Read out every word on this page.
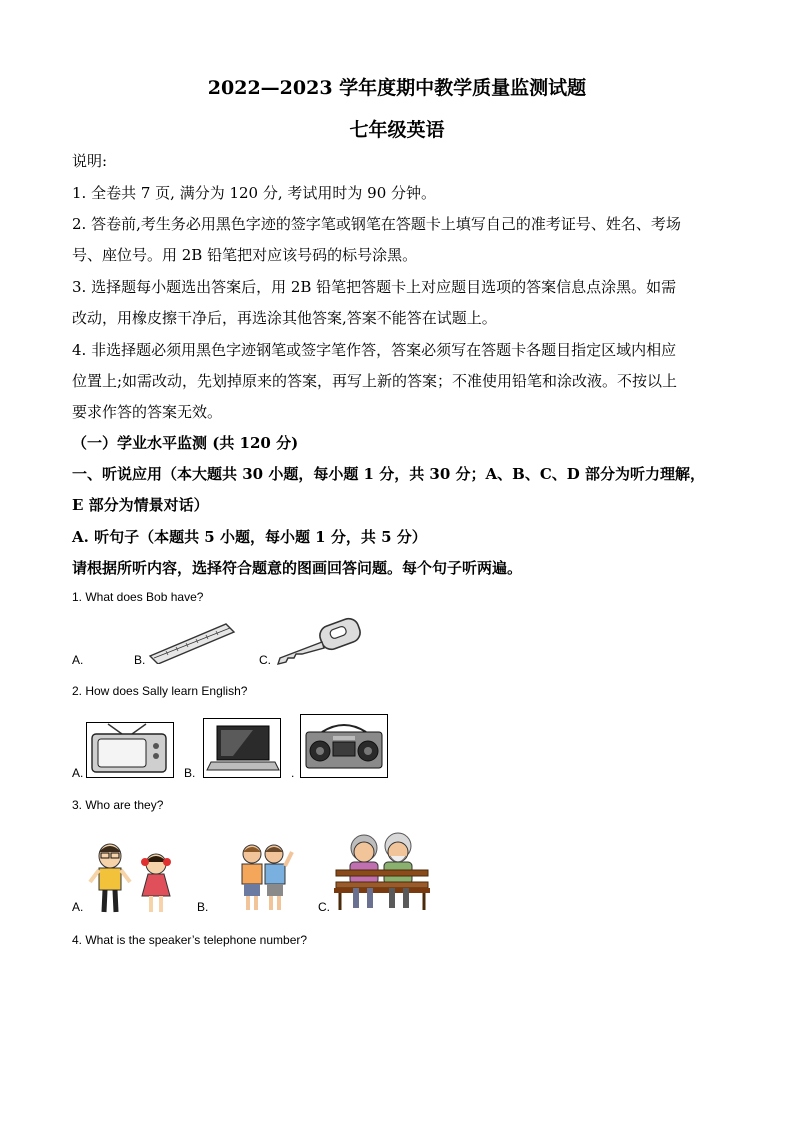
2022—2023 学年度期中教学质量监测试题
七年级英语
说明:
1. 全卷共 7 页, 满分为 120 分, 考试用时为 90 分钟。
2. 答卷前,考生务必用黑色字迹的签字笔或钢笔在答题卡上填写自己的准考证号、姓名、考场
号、座位号。用 2B 铅笔把对应该号码的标号涂黑。
3. 选择题每小题选出答案后，用 2B 铅笔把答题卡上对应题目选项的答案信息点涂黑。如需
改动，用橡皮擦干净后，再选涂其他答案,答案不能答在试题上。
4. 非选择题必须用黑色字迹钢笔或签字笔作答，答案必须写在答题卡各题目指定区域内相应
位置上;如需改动，先划掉原来的答案，再写上新的答案；不准使用铅笔和涂改液。不按以上
要求作答的答案无效。
（一）学业水平监测 (共 120 分)
一、听说应用（本大题共 30 小题，每小题 1 分，共 30 分；A、B、C、D 部分为听力理解，
E 部分为情景对话）
A. 听句子（本题共 5 小题，每小题 1 分，共 5 分）
请根据所听内容，选择符合题意的图画回答问题。每个句子听两遍。
1. What does Bob have?
A.	B.	C.
2. How does Sally learn English?
A.	B.	.
3. Who are they?
A.	B.	C.
4. What is the speaker’s telephone number?
